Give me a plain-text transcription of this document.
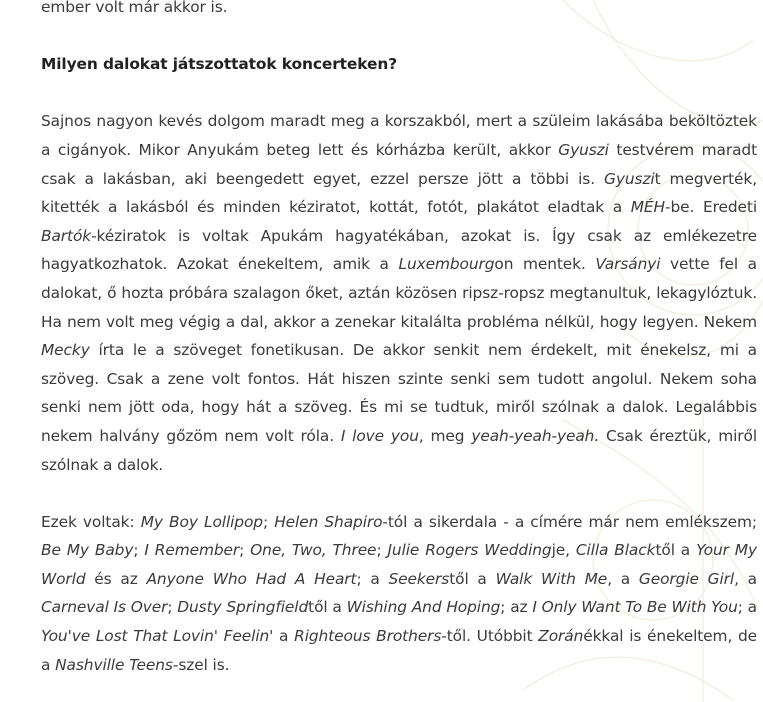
ember volt már akkor is.

Milyen dalokat játszottatok koncerteken?

Sajnos nagyon kevés dolgom maradt meg a korszakból, mert a szüleim lakásába beköltöztek a cigányok. Mikor Anyukám beteg lett és kórházba került, akkor Gyuszi testvérem maradt csak a lakásban, aki beengedett egyet, ezzel persze jött a többi is. Gyuszit megverték, kitették a lakásból és minden kéziratot, kottát, fotót, plakátot eladtak a MÉH-be. Eredeti Bartók-kéziratok is voltak Apukám hagyatékában, azokat is. Így csak az emlékezetre hagyatkozhatok. Azokat énekeltem, amik a Luxembourgon mentek. Varsányi vette fel a dalokat, ő hozta próbára szalagon őket, aztán közösen ripsz-ropsz megtanultuk, lekagylóztuk. Ha nem volt meg végig a dal, akkor a zenekar kitalálta probléma nélkül, hogy legyen. Nekem Mecky írta le a szöveget fonetikusan. De akkor senkit nem érdekelt, mit énekelsz, mi a szöveg. Csak a zene volt fontos. Hát hiszen szinte senki sem tudott angolul. Nekem soha senki nem jött oda, hogy hát a szöveg. És mi se tudtuk, miről szólnak a dalok. Legalábbis nekem halvány gőzöm nem volt róla. I love you, meg yeah-yeah-yeah. Csak éreztük, miről szólnak a dalok.

Ezek voltak: My Boy Lollipop; Helen Shapiro-tól a sikerdala - a címére már nem emlékszem; Be My Baby; I Remember; One, Two, Three; Julie Rogers Weddingje, Cilla Blacktől a Your My World és az Anyone Who Had A Heart; a Seekerstől a Walk With Me, a Georgie Girl, a Carneval Is Over; Dusty Springfieldtől a Wishing And Hoping; az I Only Want To Be With You; a You've Lost That Lovin' Feelin' a Righteous Brothers-től. Utóbbit Zoránékkal is énekeltem, de a Nashville Teens-szel is.
